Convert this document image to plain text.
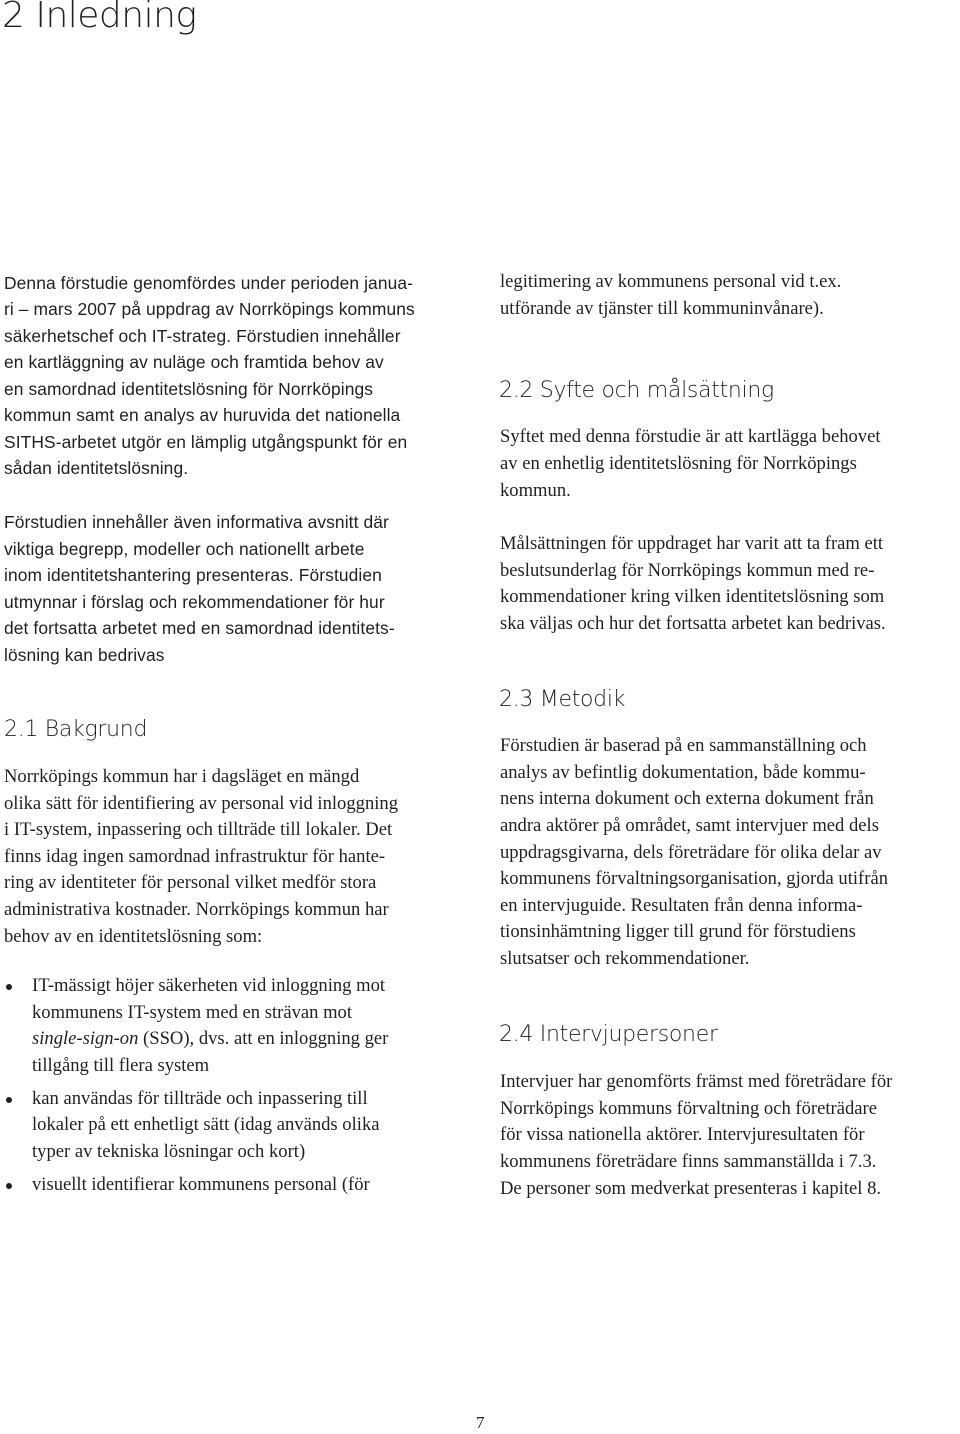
2 Inledning

Denna förstudie genomfördes under perioden janua-

ri – mars 2007 på uppdrag av Norrköpings kommuns

säkerhetschef och IT-strateg. Förstudien innehåller

en kartläggning av nuläge och framtida behov av

en samordnad identitetslösning för Norrköpings

kommun samt en analys av huruvida det nationella

SITHS-arbetet utgör en lämplig utgångspunkt för en

sådan identitetslösning.

Förstudien innehåller även informativa avsnitt där

viktiga begrepp, modeller och nationellt arbete

inom identitetshantering presenteras. Förstudien

utmynnar i förslag och rekommendationer för hur

det fortsatta arbetet med en samordnad identitets-

lösning kan bedrivas

2.1 Bakgrund

Norrköpings kommun har i dagsläget en mängd

olika sätt för identifiering av personal vid inloggning

i IT-system, inpassering och tillträde till lokaler. Det

finns idag ingen samordnad infrastruktur för hante-

ring av identiteter för personal vilket medför stora

administrativa kostnader. Norrköpings kommun har

behov av en identitetslösning som:

IT-mässigt höjer säkerheten vid inloggning mot

kommunens IT-system med en strävan mot

single-sign-on (SSO), dvs. att en inloggning ger

tillgång till flera system

kan användas för tillträde och inpassering till

lokaler på ett enhetligt sätt (idag används olika

typer av tekniska lösningar och kort)

visuellt identifierar kommunens personal (för

legitimering av kommunens personal vid t.ex.

utförande av tjänster till kommuninvånare).

2.2 Syfte och målsättning

Syftet med denna förstudie är att kartlägga behovet

av en enhetlig identitetslösning för Norrköpings

kommun.

Målsättningen för uppdraget har varit att ta fram ett

beslutsunderlag för Norrköpings kommun med re-

kommendationer kring vilken identitetslösning som

ska väljas och hur det fortsatta arbetet kan bedrivas.

2.3 Metodik

Förstudien är baserad på en sammanställning och

analys av befintlig dokumentation, både kommu-

nens interna dokument och externa dokument från

andra aktörer på området, samt intervjuer med dels

uppdragsgivarna, dels företrädare för olika delar av

kommunens förvaltningsorganisation, gjorda utifrån

en intervjuguide. Resultaten från denna informa-

tionsinhämtning ligger till grund för förstudiens

slutsatser och rekommendationer.

2.4 Intervjupersoner

Intervjuer har genomförts främst med företrädare för

Norrköpings kommuns förvaltning och företrädare

för vissa nationella aktörer. Intervjuresultaten för

kommunens företrädare finns sammanställda i 7.3.

De personer som medverkat presenteras i kapitel 8.

7
